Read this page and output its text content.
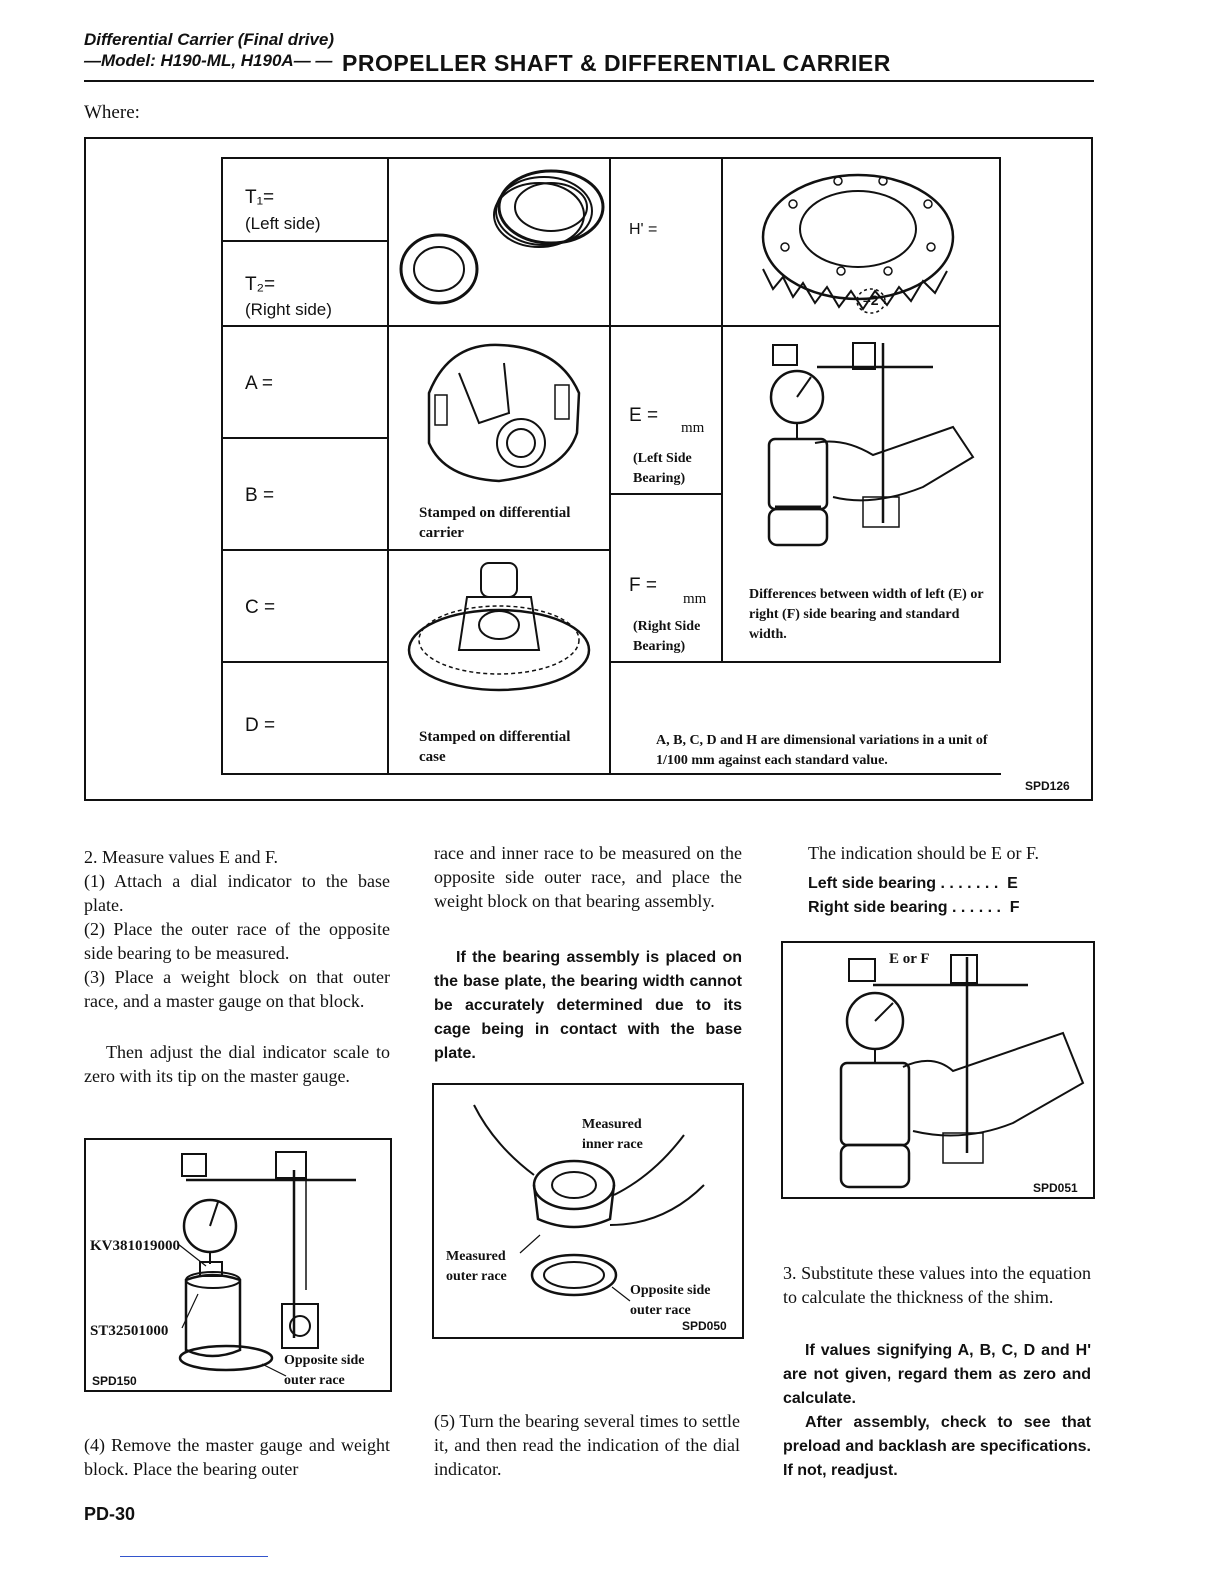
Differential Carrier (Final drive)
—Model: H190-ML, H190A— — PROPELLER SHAFT & DIFFERENTIAL CARRIER
Where:
T₁=
(Left side)
T₂=
(Right side)
A =
B =
C =
D =
Stamped on differential carrier
Stamped on differential case
H' =
–2
E =
mm
(Left Side Bearing)
F =
mm
(Right Side Bearing)
Differences between width of left (E) or right (F) side bearing and standard width.
A, B, C, D and H are dimensional variations in a unit of 1/100 mm against each standard value.
SPD126
2. Measure values E and F.
(1) Attach a dial indicator to the base plate.
(2) Place the outer race of the opposite side bearing to be measured.
(3) Place a weight block on that outer race, and a master gauge on that block.
Then adjust the dial indicator scale to zero with its tip on the master gauge.
KV381019000
ST32501000
Opposite side outer race
SPD150
(4) Remove the master gauge and weight block. Place the bearing outer
race and inner race to be measured on the opposite side outer race, and place the weight block on that bearing assembly.
If the bearing assembly is placed on the base plate, the bearing width cannot be accurately determined due to its cage being in contact with the base plate.
Measured inner race
Measured outer race
Opposite side outer race
SPD050
(5) Turn the bearing several times to settle it, and then read the indication of the dial indicator.
The indication should be E or F.
Left side bearing . . . . . . .  E
Right side bearing . . . . . .  F
E or F
SPD051
3. Substitute these values into the equation to calculate the thickness of the shim.
If values signifying A, B, C, D and H' are not given, regard them as zero and calculate.
After assembly, check to see that preload and backlash are specifications. If not, readjust.
PD-30
